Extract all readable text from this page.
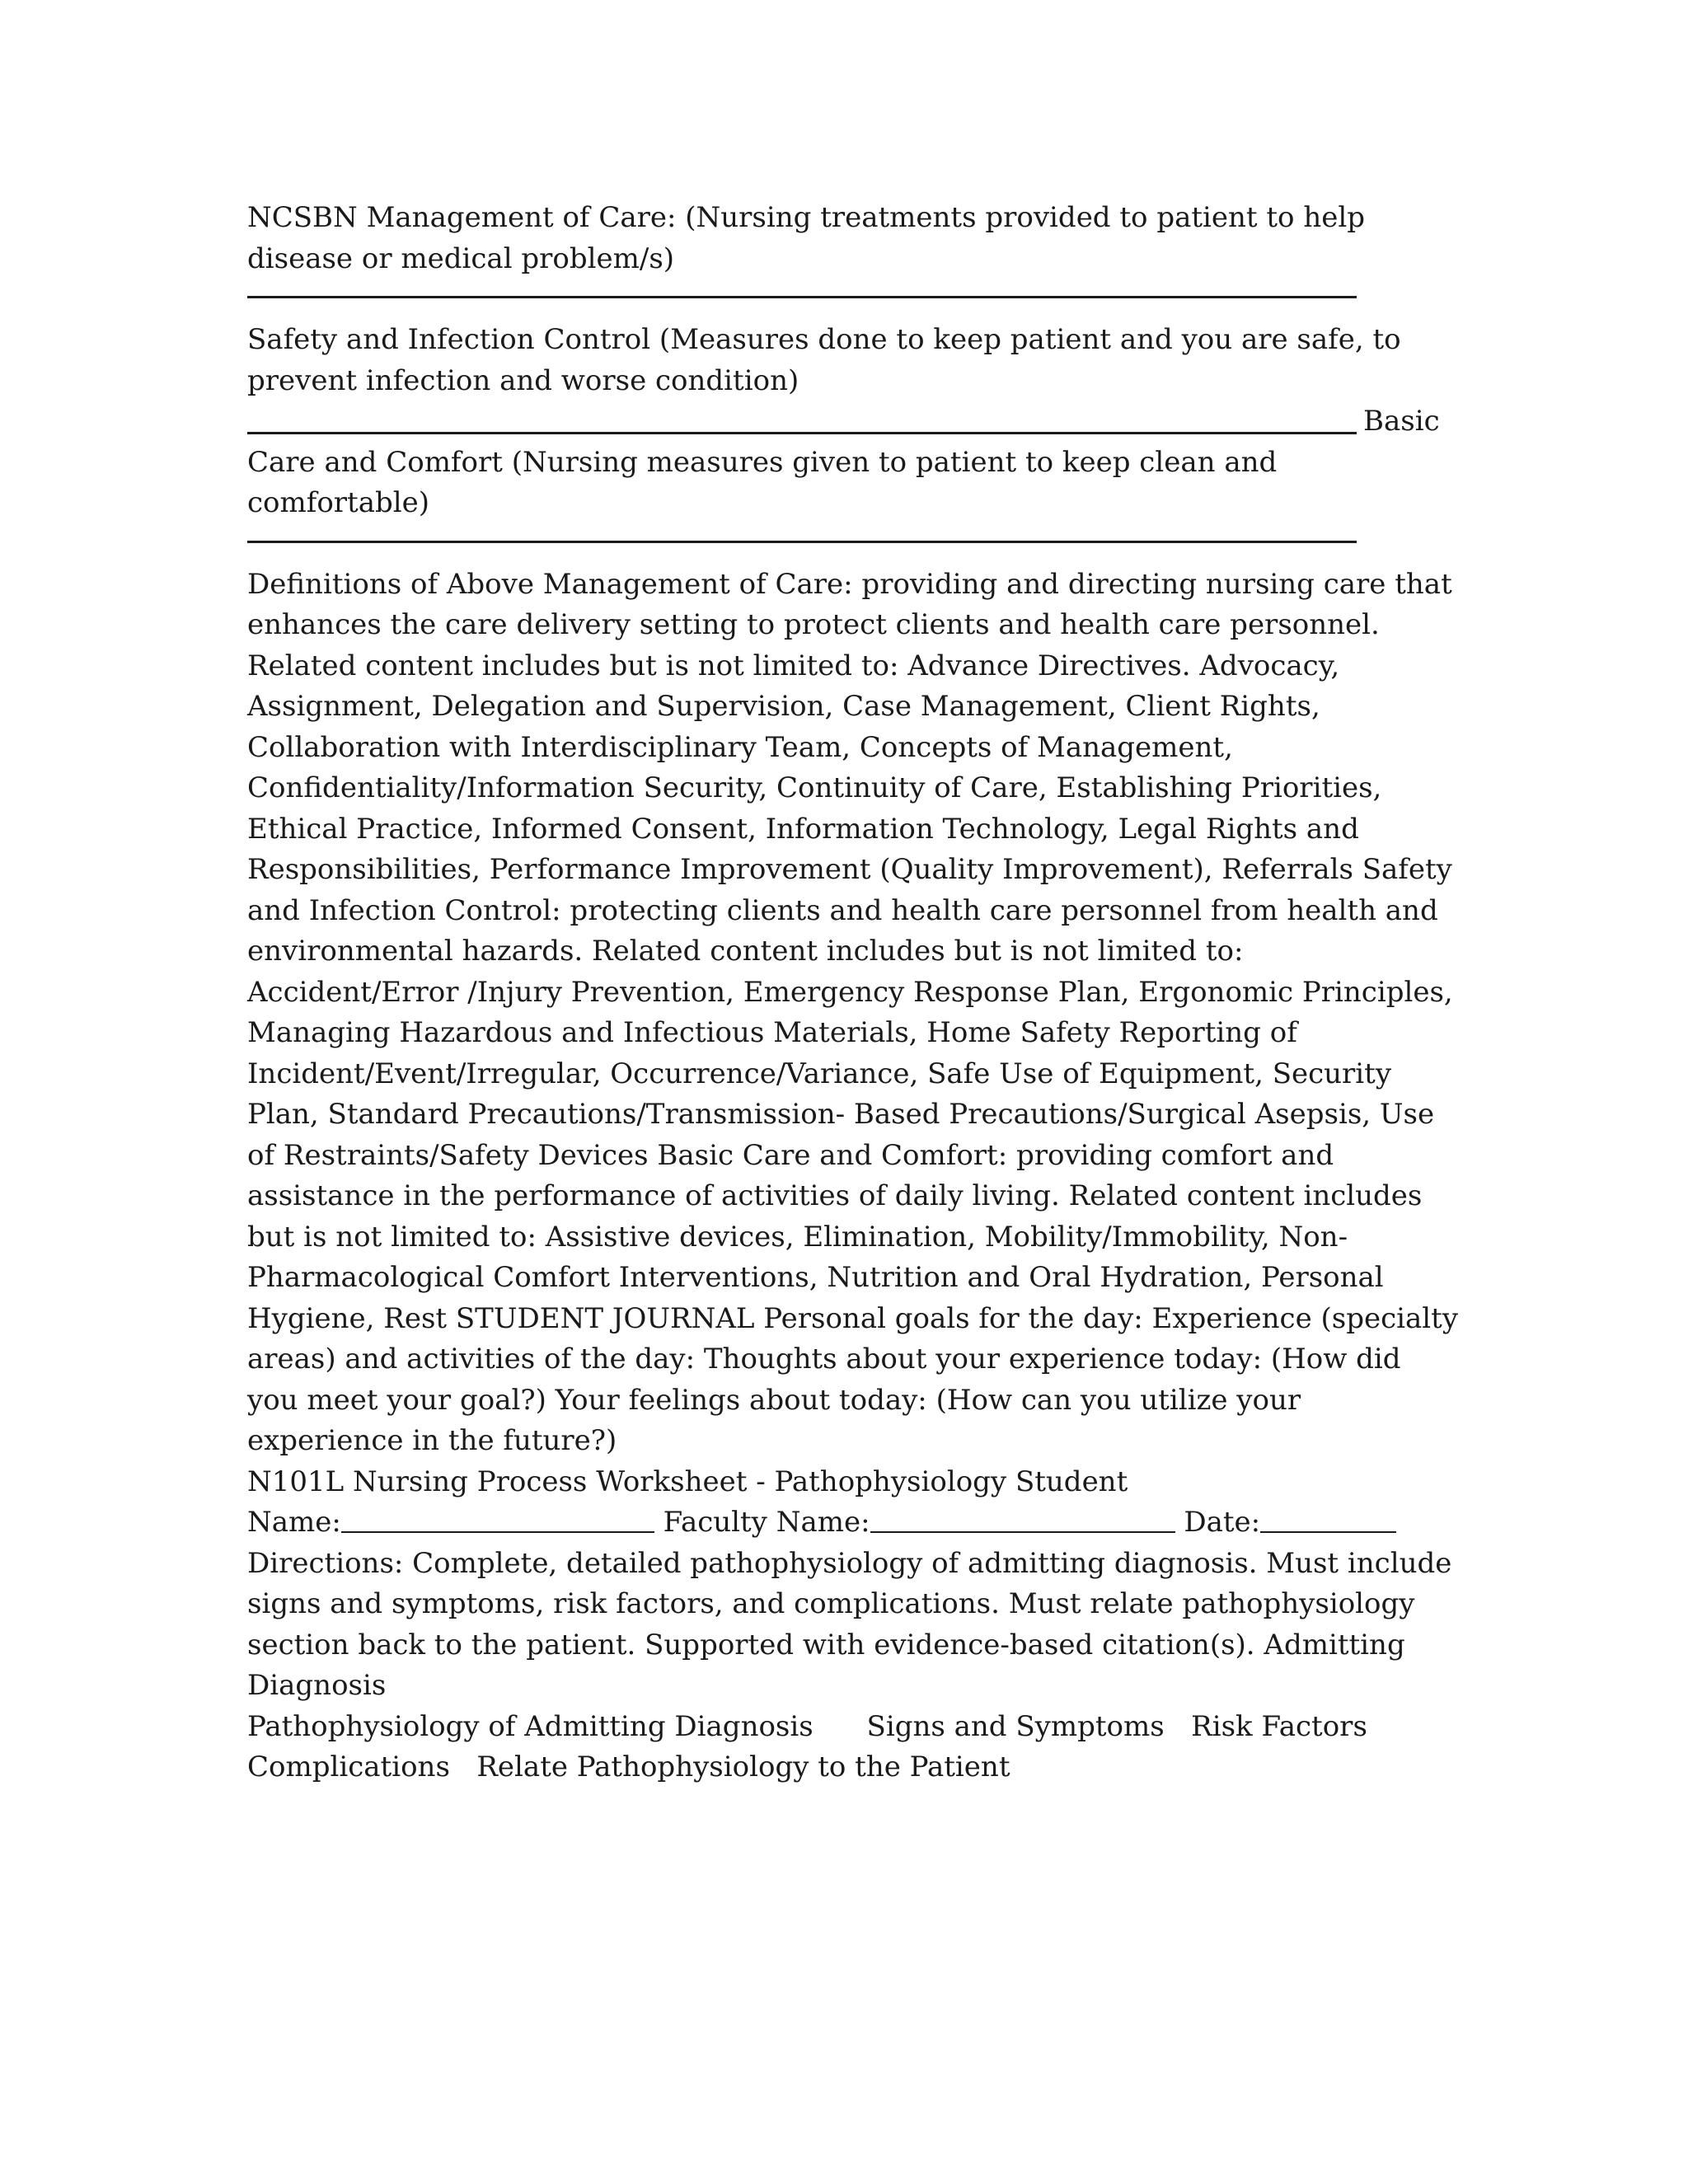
NCSBN Management of Care: (Nursing treatments provided to patient to help disease or medical problem/s)

Safety and Infection Control (Measures done to keep patient and you are safe, to prevent infection and worse condition)

Basic

Care and Comfort (Nursing measures given to patient to keep clean and comfortable)

Definitions of Above Management of Care: providing and directing nursing care that enhances the care delivery setting to protect clients and health care personnel. Related content includes but is not limited to: Advance Directives. Advocacy, Assignment, Delegation and Supervision, Case Management, Client Rights, Collaboration with Interdisciplinary Team, Concepts of Management, Confidentiality/Information Security, Continuity of Care, Establishing Priorities, Ethical Practice, Informed Consent, Information Technology, Legal Rights and Responsibilities, Performance Improvement (Quality Improvement), Referrals Safety and Infection Control: protecting clients and health care personnel from health and environmental hazards. Related content includes but is not limited to: Accident/Error /Injury Prevention, Emergency Response Plan, Ergonomic Principles, Managing Hazardous and Infectious Materials, Home Safety Reporting of Incident/Event/Irregular, Occurrence/Variance, Safe Use of Equipment, Security Plan, Standard Precautions/Transmission- Based Precautions/Surgical Asepsis, Use of Restraints/Safety Devices Basic Care and Comfort: providing comfort and assistance in the performance of activities of daily living. Related content includes but is not limited to: Assistive devices, Elimination, Mobility/Immobility, Non-Pharmacological Comfort Interventions, Nutrition and Oral Hydration, Personal Hygiene, Rest STUDENT JOURNAL Personal goals for the day: Experience (specialty areas) and activities of the day: Thoughts about your experience today: (How did you meet your goal?) Your feelings about today: (How can you utilize your experience in the future?)

N101L Nursing Process Worksheet - Pathophysiology Student

Name:	Faculty Name:	Date:

Directions: Complete, detailed pathophysiology of admitting diagnosis. Must include signs and symptoms, risk factors, and complications. Must relate pathophysiology section back to the patient. Supported with evidence-based citation(s). Admitting Diagnosis

Pathophysiology of Admitting Diagnosis      Signs and Symptoms   Risk Factors

Complications   Relate Pathophysiology to the Patient
